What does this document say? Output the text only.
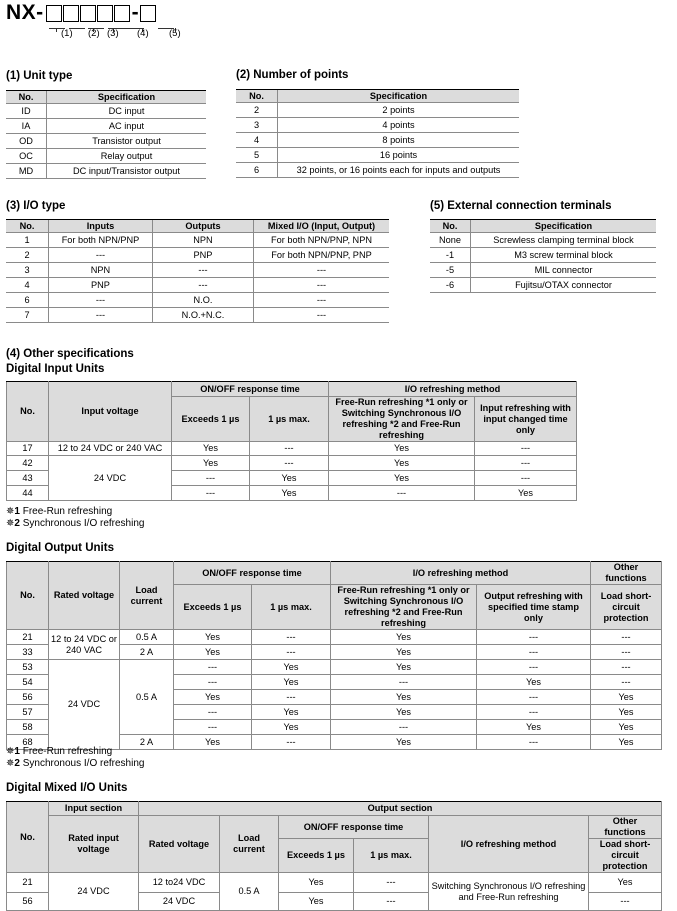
NX-	-
(1) (2) (3) (4) (5)
(1) Unit type
No.	Specification
ID	DC input
IA	AC input
OD	Transistor output
OC	Relay output
MD	DC input/Transistor output
(2) Number of points
No.	Specification
2	2 points
3	4 points
4	8 points
5	16 points
6	32 points, or 16 points each for inputs and outputs
(3) I/O type
No.	Inputs	Outputs	Mixed I/O (Input, Output)
1	For both NPN/PNP	NPN	For both NPN/PNP, NPN
2	---	PNP	For both NPN/PNP, PNP
3	NPN	---	---
4	PNP	---	---
6	---	N.O.	---
7	---	N.O.+N.C.	---
(5) External connection terminals
No.	Specification
None	Screwless clamping terminal block
-1	M3 screw terminal block
-5	MIL connector
-6	Fujitsu/OTAX connector
(4) Other specifications
Digital Input Units
No.	Input voltage	ON/OFF response time		I/O refreshing method	
		Exceeds 1 µs	1 µs max.	Free-Run refreshing *1 only or Switching Synchronous I/O refreshing *2 and Free-Run refreshing	Input refreshing with input changed time only
17	12 to 24 VDC or 240 VAC	Yes	---	Yes	---
42	24 VDC	Yes	---	Yes	---
43		---	Yes	Yes	---
44		---	Yes	---	Yes
✵1 Free-Run refreshing
✵2 Synchronous I/O refreshing
Digital Output Units
No.	Rated voltage	Load current	ON/OFF response time		I/O refreshing method		Other functions
			Exceeds 1 µs	1 µs max.	Free-Run refreshing *1 only or Switching Synchronous I/O refreshing *2 and Free-Run refreshing	Output refreshing with specified time stamp only	Load short-circuit protection
21	12 to 24 VDC or 240 VAC	0.5 A	Yes	---	Yes	---	---
33		2 A	Yes	---	Yes	---	---
53	24 VDC	0.5 A	---	Yes	Yes	---	---
54			---	Yes	---	Yes	---
56			Yes	---	Yes	---	Yes
57			---	Yes	Yes	---	Yes
58			---	Yes	---	Yes	Yes
68		2 A	Yes	---	Yes	---	Yes
✵1 Free-Run refreshing
✵2 Synchronous I/O refreshing
Digital Mixed I/O Units
No.	Input section	Output section					
	Rated input voltage	Rated voltage	Load current	ON/OFF response time		I/O refreshing method	Other functions
				Exceeds 1 µs	1 µs max.		Load short-circuit protection
21	24 VDC	12 to24 VDC	0.5 A	Yes	---	Switching Synchronous I/O refreshing and Free-Run refreshing	Yes
56		24 VDC		Yes	---		---
